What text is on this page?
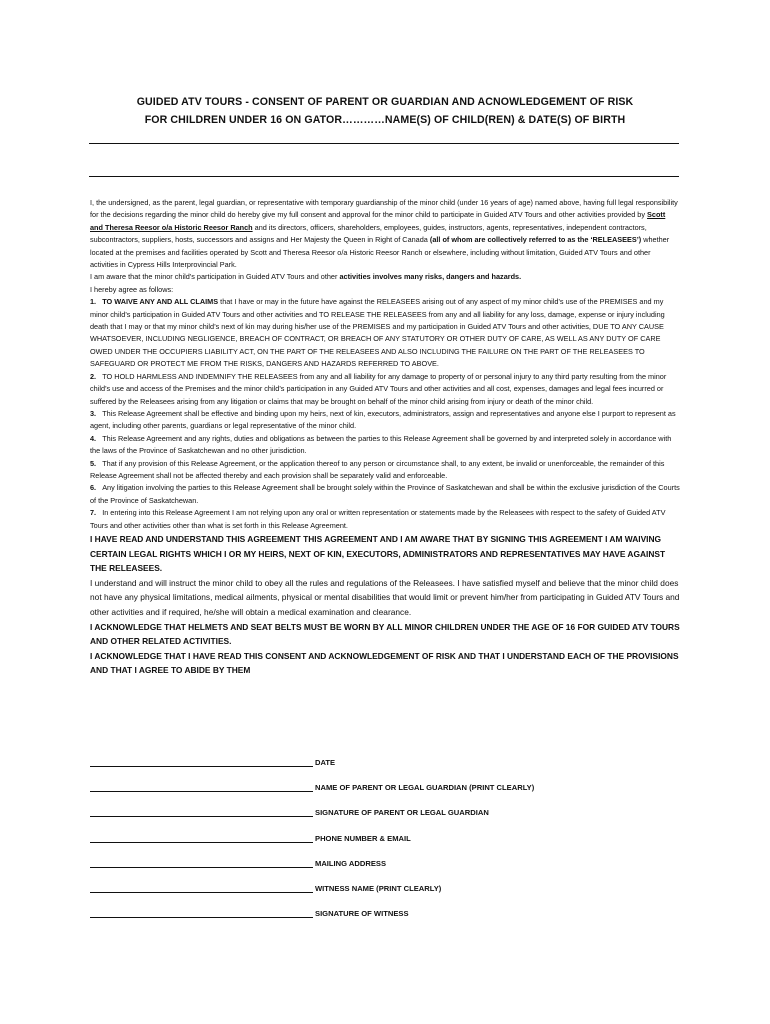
GUIDED ATV TOURS - CONSENT OF PARENT OR GUARDIAN AND ACNOWLEDGEMENT OF RISK
FOR CHILDREN UNDER 16 ON GATOR…………NAME(S) OF CHILD(REN) & DATE(S) OF BIRTH

I, the undersigned, as the parent, legal guardian, or representative with temporary guardianship of the minor child (under 16 years of age) named above, having full legal responsibility for the decisions regarding the minor child do hereby give my full consent and approval for the minor child to participate in Guided ATV Tours and other activities provided by Scott and Theresa Reesor o/a Historic Reesor Ranch and its directors, officers, shareholders, employees, guides, instructors, agents, representatives, independent contractors, subcontractors, suppliers, hosts, successors and assigns and Her Majesty the Queen in Right of Canada (all of whom are collectively referred to as the ‘RELEASEES’) whether located at the premises and facilities operated by Scott and Theresa Reesor o/a Historic Reesor Ranch or elsewhere, including without limitation, Guided ATV Tours and other activities in Cypress Hills Interprovincial Park.

I am aware that the minor child’s participation in Guided ATV Tours and other activities involves many risks, dangers and hazards.

I hereby agree as follows:

1. TO WAIVE ANY AND ALL CLAIMS that I have or may in the future have against the RELEASEES arising out of any aspect of my minor child’s use of the PREMISES and my minor child’s participation in Guided ATV Tours and other activities and TO RELEASE THE RELEASEES from any and all liability for any loss, damage, expense or injury including death that I may or that my minor child’s next of kin may during his/her use of the PREMISES and my participation in Guided ATV Tours and other activities, DUE TO ANY CAUSE WHATSOEVER, INCLUDING NEGLIGENCE, BREACH OF CONTRACT, OR BREACH OF ANY STATUTORY OR OTHER DUTY OF CARE, AS WELL AS ANY DUTY OF CARE OWED UNDER THE OCCUPIERS LIABILITY ACT, ON THE PART OF THE RELEASEES AND ALSO INCLUDING THE FAILURE ON THE PART OF THE RELEASEES TO SAFEGUARD OR PROTECT ME FROM THE RISKS, DANGERS AND HAZARDS REFERRED TO ABOVE.

2. TO HOLD HARMLESS AND INDEMNIFY THE RELEASEES from any and all liability for any damage to property of or personal injury to any third party resulting from the minor child’s use and access of the Premises and the minor child’s participation in any Guided ATV Tours and other activities and all cost, expenses, damages and legal fees incurred or suffered by the Releasees arising from any litigation or claims that may be brought on behalf of the minor child arising from injury or death of the minor child.

3. This Release Agreement shall be effective and binding upon my heirs, next of kin, executors, administrators, assign and representatives and anyone else I purport to represent as agent, including other parents, guardians or legal representative of the minor child.

4. This Release Agreement and any rights, duties and obligations as between the parties to this Release Agreement shall be governed by and interpreted solely in accordance with the laws of the Province of Saskatchewan and no other jurisdiction.

5. That if any provision of this Release Agreement, or the application thereof to any person or circumstance shall, to any extent, be invalid or unenforceable, the remainder of this Release Agreement shall not be affected thereby and each provision shall be separately valid and enforceable.

6. Any litigation involving the parties to this Release Agreement shall be brought solely within the Province of Saskatchewan and shall be within the exclusive jurisdiction of the Courts of the Province of Saskatchewan.

7. In entering into this Release Agreement I am not relying upon any oral or written representation or statements made by the Releasees with respect to the safety of Guided ATV Tours and other activities other than what is set forth in this Release Agreement.

I HAVE READ AND UNDERSTAND THIS AGREEMENT THIS AGREEMENT AND I AM AWARE THAT BY SIGNING THIS AGREEMENT I AM WAIVING CERTAIN LEGAL RIGHTS WHICH I OR MY HEIRS, NEXT OF KIN, EXECUTORS, ADMINISTRATORS AND REPRESENTATIVES MAY HAVE AGAINST THE RELEASEES.

I understand and will instruct the minor child to obey all the rules and regulations of the Releasees. I have satisfied myself and believe that the minor child does not have any physical limitations, medical ailments, physical or mental disabilities that would limit or prevent him/her from participating in Guided ATV Tours and other activities and if required, he/she will obtain a medical examination and clearance.

I ACKNOWLEDGE THAT HELMETS AND SEAT BELTS MUST BE WORN BY ALL MINOR CHILDREN UNDER THE AGE OF 16 FOR GUIDED ATV TOURS AND OTHER RELATED ACTIVITIES.

I ACKNOWLEDGE THAT I HAVE READ THIS CONSENT AND ACKNOWLEDGEMENT OF RISK AND THAT I UNDERSTAND EACH OF THE PROVISIONS AND THAT I AGREE TO ABIDE BY THEM

DATE
NAME OF PARENT OR LEGAL GUARDIAN (PRINT CLEARLY)
SIGNATURE OF PARENT OR LEGAL GUARDIAN
PHONE NUMBER & EMAIL
MAILING ADDRESS
WITNESS NAME (PRINT CLEARLY)
SIGNATURE OF WITNESS
